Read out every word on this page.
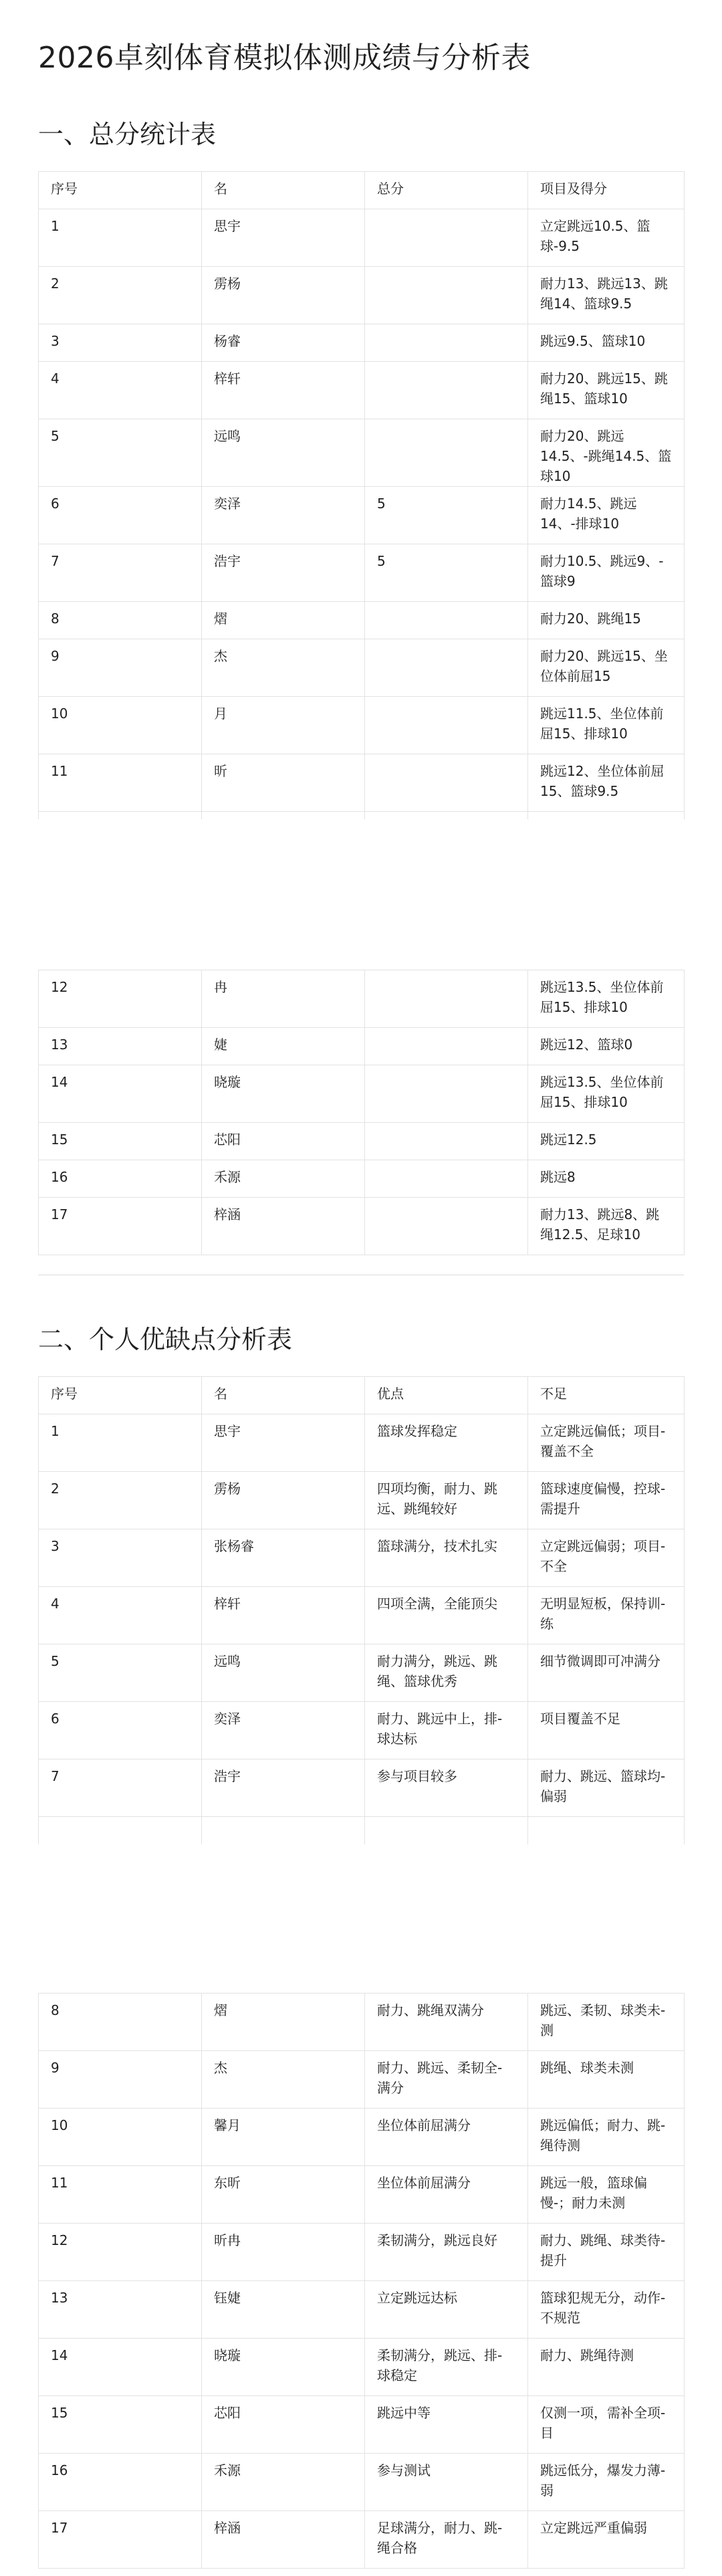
2026卓刻体育模拟体测成绩与分析表
一、总分统计表
序号	名	总分	项目及得分
1	思宇		立定跳远10.5、篮球-9.5
2	雳杨		耐力13、跳远13、跳绳14、篮球9.5
3	杨睿		跳远9.5、篮球10
4	梓轩		耐力20、跳远15、跳绳15、篮球10
5	远鸣		耐力20、跳远14.5、-跳绳14.5、篮球10
6	奕泽	5	耐力14.5、跳远14、-排球10
7	浩宇	5	耐力10.5、跳远9、-篮球9
8	熠		耐力20、跳绳15
9	杰		耐力20、跳远15、坐位体前屈15
10	月		跳远11.5、坐位体前屈15、排球10
11	昕		跳远12、坐位体前屈15、篮球9.5

12	冉		跳远13.5、坐位体前屈15、排球10
13	婕		跳远12、篮球0
14	晓璇		跳远13.5、坐位体前屈15、排球10
15	芯阳		跳远12.5
16	禾源		跳远8
17	梓涵		耐力13、跳远8、跳绳12.5、足球10
二、个人优缺点分析表
序号	名	优点	不足
1	思宇	篮球发挥稳定	立定跳远偏低；项目-覆盖不全
2	雳杨	四项均衡，耐力、跳远、跳绳较好	篮球速度偏慢，控球-需提升
3	张杨睿	篮球满分，技术扎实	立定跳远偏弱；项目-不全
4	梓轩	四项全满，全能顶尖	无明显短板，保持训-练
5	远鸣	耐力满分，跳远、跳绳、篮球优秀	细节微调即可冲满分
6	奕泽	耐力、跳远中上，排-球达标	项目覆盖不足
7	浩宇	参与项目较多	耐力、跳远、篮球均-偏弱

8	熠	耐力、跳绳双满分	跳远、柔韧、球类未-测
9	杰	耐力、跳远、柔韧全-满分	跳绳、球类未测
10	馨月	坐位体前屈满分	跳远偏低；耐力、跳-绳待测
11	东昕	坐位体前屈满分	跳远一般，篮球偏慢-；耐力未测
12	昕冉	柔韧满分，跳远良好	耐力、跳绳、球类待-提升
13	钰婕	立定跳远达标	篮球犯规无分，动作-不规范
14	晓璇	柔韧满分，跳远、排-球稳定	耐力、跳绳待测
15	芯阳	跳远中等	仅测一项，需补全项-目
16	禾源	参与测试	跳远低分，爆发力薄-弱
17	梓涵	足球满分，耐力、跳-绳合格	立定跳远严重偏弱
